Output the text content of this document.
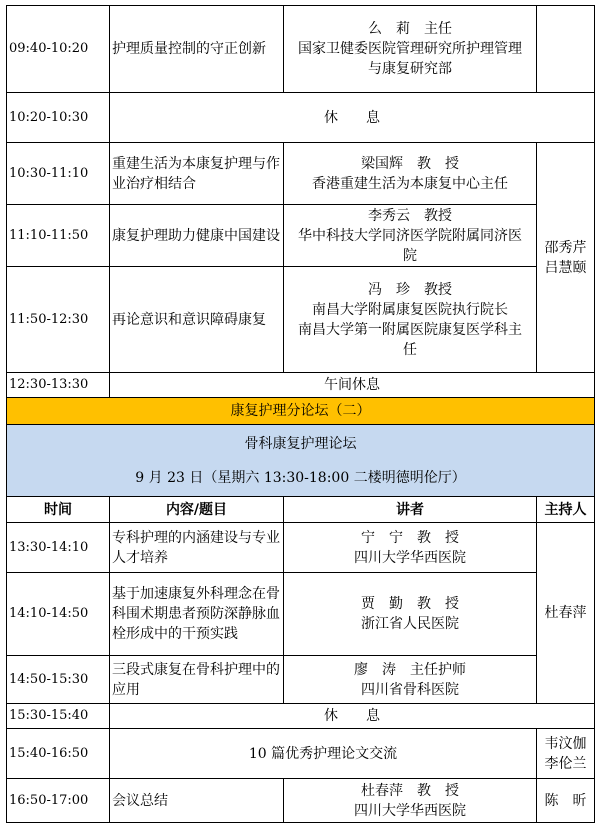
09:40-10:20	护理质量控制的守正创新	么　莉　主任
国家卫健委医院管理研究所护理管理
与康复研究部	

10:20-10:30	休　　息		
10:30-11:10	重建生活为本康复护理与作业治疗相结合	梁国辉　教　授
香港重建生活为本康复中心主任	邵秀芹
吕慧颐

11:10-11:50	康复护理助力健康中国建设	李秀云　教授
华中科技大学同济医学院附属同济医
院	

11:50-12:30	再论意识和意识障碍康复	冯　珍　教授
南昌大学附属康复医院执行院长
南昌大学第一附属医院康复医学科主
任	

12:30-13:30	午间休息		
康复护理分论坛（二）			

骨科康复护理论坛
9 月 23 日（星期六 13:30-18:00 二楼明德明伦厅）			

时间	内容/题目	讲者	主持人
13:30-14:10	专科护理的内涵建设与专业人才培养	宁　宁　教　授
四川大学华西医院	杜春萍
14:10-14:50	基于加速康复外科理念在骨科围术期患者预防深静脉血栓形成中的干预实践	贾　勤　教　授
浙江省人民医院	

14:50-15:30	三段式康复在骨科护理中的应用	廖　涛　主任护师
四川省骨科医院	

15:30-15:40	休　　息		
15:40-16:50	10 篇优秀护理论文交流		韦汶伽
李伦兰

16:50-17:00	会议总结	杜春萍　教　授
四川大学华西医院	陈　昕
